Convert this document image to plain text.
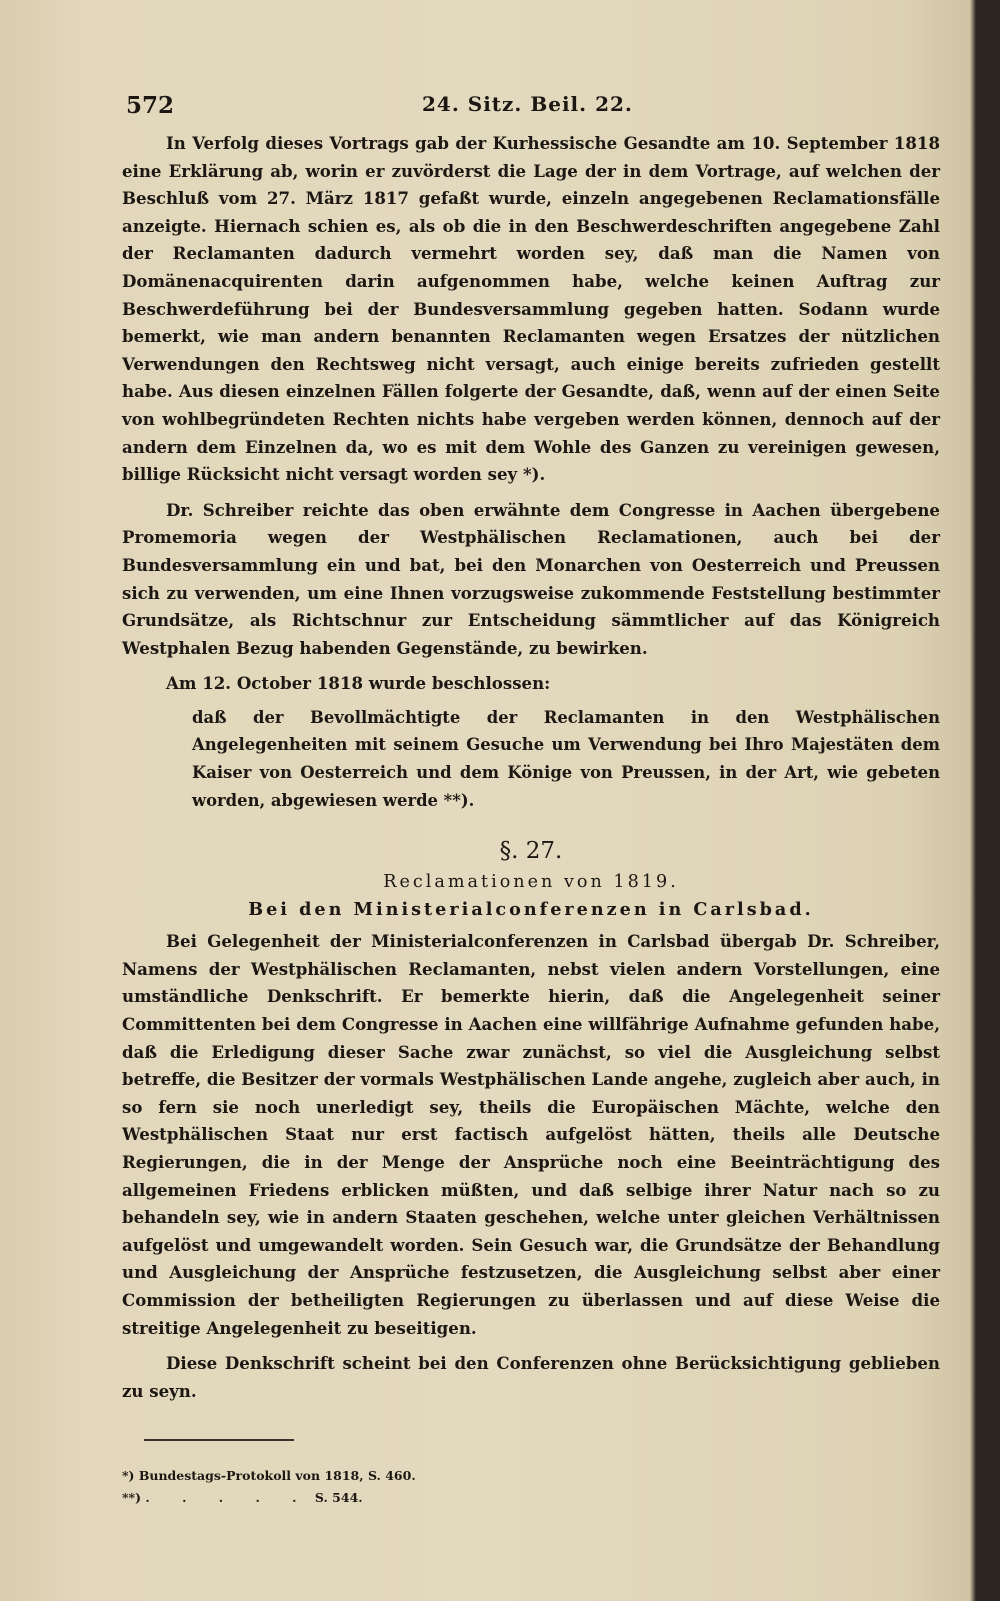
572	24. Sitz. Beil. 22.

In Verfolg dieses Vortrags gab der Kurhessische Gesandte am 10. September 1818 eine Erklärung ab, worin er zuvörderst die Lage der in dem Vortrage, auf welchen der Beschluß vom 27. März 1817 gefaßt wurde, einzeln angegebenen Reclamationsfälle anzeigte. Hiernach schien es, als ob die in den Beschwerdeschriften angegebene Zahl der Reclamanten dadurch vermehrt worden sey, daß man die Namen von Domänenacquirenten darin aufgenommen habe, welche keinen Auftrag zur Beschwerdeführung bei der Bundesversammlung gegeben hatten. Sodann wurde bemerkt, wie man andern benannten Reclamanten wegen Ersatzes der nützlichen Verwendungen den Rechtsweg nicht versagt, auch einige bereits zufrieden gestellt habe. Aus diesen einzelnen Fällen folgerte der Gesandte, daß, wenn auf der einen Seite von wohlbegründeten Rechten nichts habe vergeben werden können, dennoch auf der andern dem Einzelnen da, wo es mit dem Wohle des Ganzen zu vereinigen gewesen, billige Rücksicht nicht versagt worden sey *).

Dr. Schreiber reichte das oben erwähnte dem Congresse in Aachen übergebene Promemoria wegen der Westphälischen Reclamationen, auch bei der Bundesversammlung ein und bat, bei den Monarchen von Oesterreich und Preussen sich zu verwenden, um eine Ihnen vorzugsweise zukommende Feststellung bestimmter Grundsätze, als Richtschnur zur Entscheidung sämmtlicher auf das Königreich Westphalen Bezug habenden Gegenstände, zu bewirken.

Am 12. October 1818 wurde beschlossen:

daß der Bevollmächtigte der Reclamanten in den Westphälischen Angelegenheiten mit seinem Gesuche um Verwendung bei Ihro Majestäten dem Kaiser von Oesterreich und dem Könige von Preussen, in der Art, wie gebeten worden, abgewiesen werde **).
§. 27.
Reclamationen von 1819.
Bei den Ministerialconferenzen in Carlsbad.

Bei Gelegenheit der Ministerialconferenzen in Carlsbad übergab Dr. Schreiber, Namens der Westphälischen Reclamanten, nebst vielen andern Vorstellungen, eine umständliche Denkschrift. Er bemerkte hierin, daß die Angelegenheit seiner Committenten bei dem Congresse in Aachen eine willfährige Aufnahme gefunden habe, daß die Erledigung dieser Sache zwar zunächst, so viel die Ausgleichung selbst betreffe, die Besitzer der vormals Westphälischen Lande angehe, zugleich aber auch, in so fern sie noch unerledigt sey, theils die Europäischen Mächte, welche den Westphälischen Staat nur erst factisch aufgelöst hätten, theils alle Deutsche Regierungen, die in der Menge der Ansprüche noch eine Beeinträchtigung des allgemeinen Friedens erblicken müßten, und daß selbige ihrer Natur nach so zu behandeln sey, wie in andern Staaten geschehen, welche unter gleichen Verhältnissen aufgelöst und umgewandelt worden. Sein Gesuch war, die Grundsätze der Behandlung und Ausgleichung der Ansprüche festzusetzen, die Ausgleichung selbst aber einer Commission der betheiligten Regierungen zu überlassen und auf diese Weise die streitige Angelegenheit zu beseitigen.

Diese Denkschrift scheint bei den Conferenzen ohne Berücksichtigung geblieben zu seyn.

*) Bundestags-Protokoll von 1818, S. 460.
**) . . . . . S. 544.
